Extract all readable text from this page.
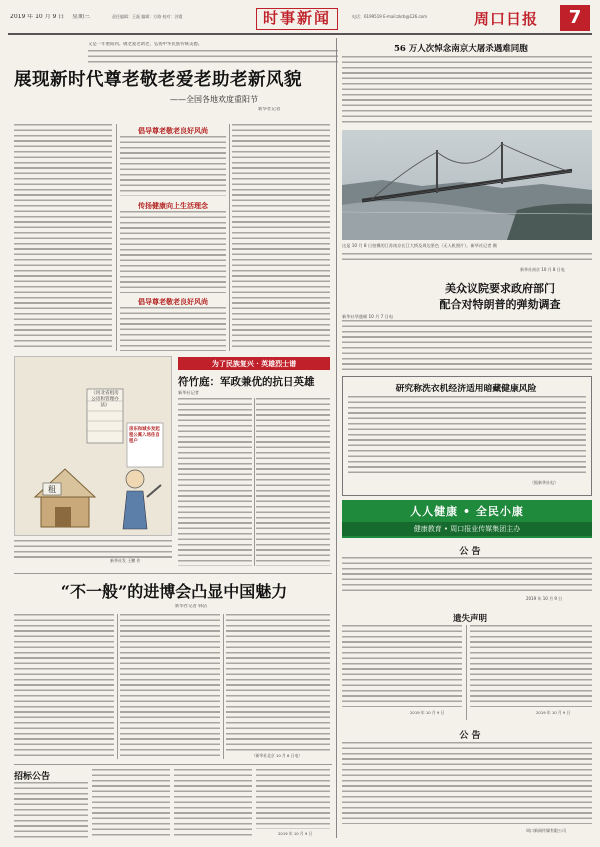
2019 年 10 月 9 日	星期三	责任编辑：王磊 编辑：方路 校对：苏霞	时事新闻	电话：6199519 E-mail:zkrb@126.com	周口日报	7
又是一年重阳到。敬老爱老助老，弘扬中华民族传统美德。
展现新时代尊老敬老爱老助老新风貌
——全国各地欢度重阳节
新华社记者
倡导尊老敬老良好风尚
传扬健康向上生活理念
倡导尊老敬老良好风尚
56 万人次悼念南京大屠杀遇难同胞
这是 10 月 8 日拍摄的江苏南京长江大桥及周边景色（无人机照片）。新华社记者 摄
新华社南京 10 月 8 日电
美众议院要求政府部门
配合对特朗普的弹劾调查
新华社华盛顿 10 月 7 日电
研究称洗衣机经济适用暗藏健康风险
（据新华社电）
人人健康 • 全民小康
健康教育 • 周口报业传媒集团主办
公 告
2019 年 10 月 9 日
遗失声明
2019 年 10 月 9 日	2019 年 10 月 9 日
公 告
周口新闻传媒有限公司
租
《河北省租房公房和管理办法》
房东和城乡发起租公寓入场住自租户
新华社发 王鹏 作
为了民族复兴 · 英雄烈士谱
符竹庭：军政兼优的抗日英雄
新华社记者
“不一般”的进博会凸显中国魅力
新华社记者 韩洁
（新华社北京 10 月 8 日电）
招标公告
2019 年 10 月 9 日
